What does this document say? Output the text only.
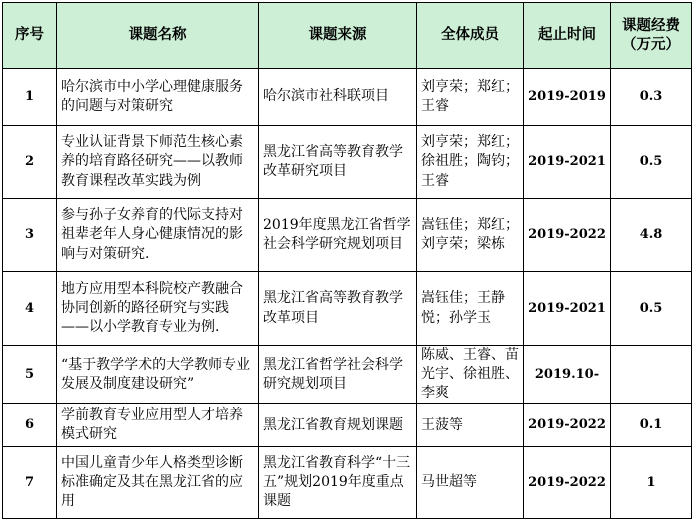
序号	课题名称	课题来源	全体成员	起止时间	课题经费
（万元）

1	哈尔滨市中小学心理健康服务的问题与对策研究	哈尔滨市社科联项目	刘亨荣；郑红；王睿	2019-2019	0.3
2	专业认证背景下师范生核心素养的培育路径研究——以教师教育课程改革实践为例	黑龙江省高等教育教学改革研究项目	刘亨荣；郑红；徐祖胜；陶钧；王睿	2019-2021	0.5
3	参与孙子女养育的代际支持对祖辈老年人身心健康情况的影响与对策研究.	2019年度黑龙江省哲学社会科学研究规划项目	嵩钰佳；郑红；刘亨荣；梁栋	2019-2022	4.8
4	地方应用型本科院校产教融合协同创新的路径研究与实践——以小学教育专业为例.	黑龙江省高等教育教学改革项目	嵩钰佳；王静悦；孙学玉	2019-2021	0.5
5	“基于教学学术的大学教师专业发展及制度建设研究”	黑龙江省哲学社会科学研究规划项目	陈威、王睿、苗光宇、徐祖胜、李爽	2019.10-	
6	学前教育专业应用型人才培养模式研究	黑龙江省教育规划课题	王菠等	2019-2022	0.1
7	中国儿童青少年人格类型诊断标准确定及其在黑龙江省的应用	黑龙江省教育科学“十三五”规划2019年度重点课题	马世超等	2019-2022	1
